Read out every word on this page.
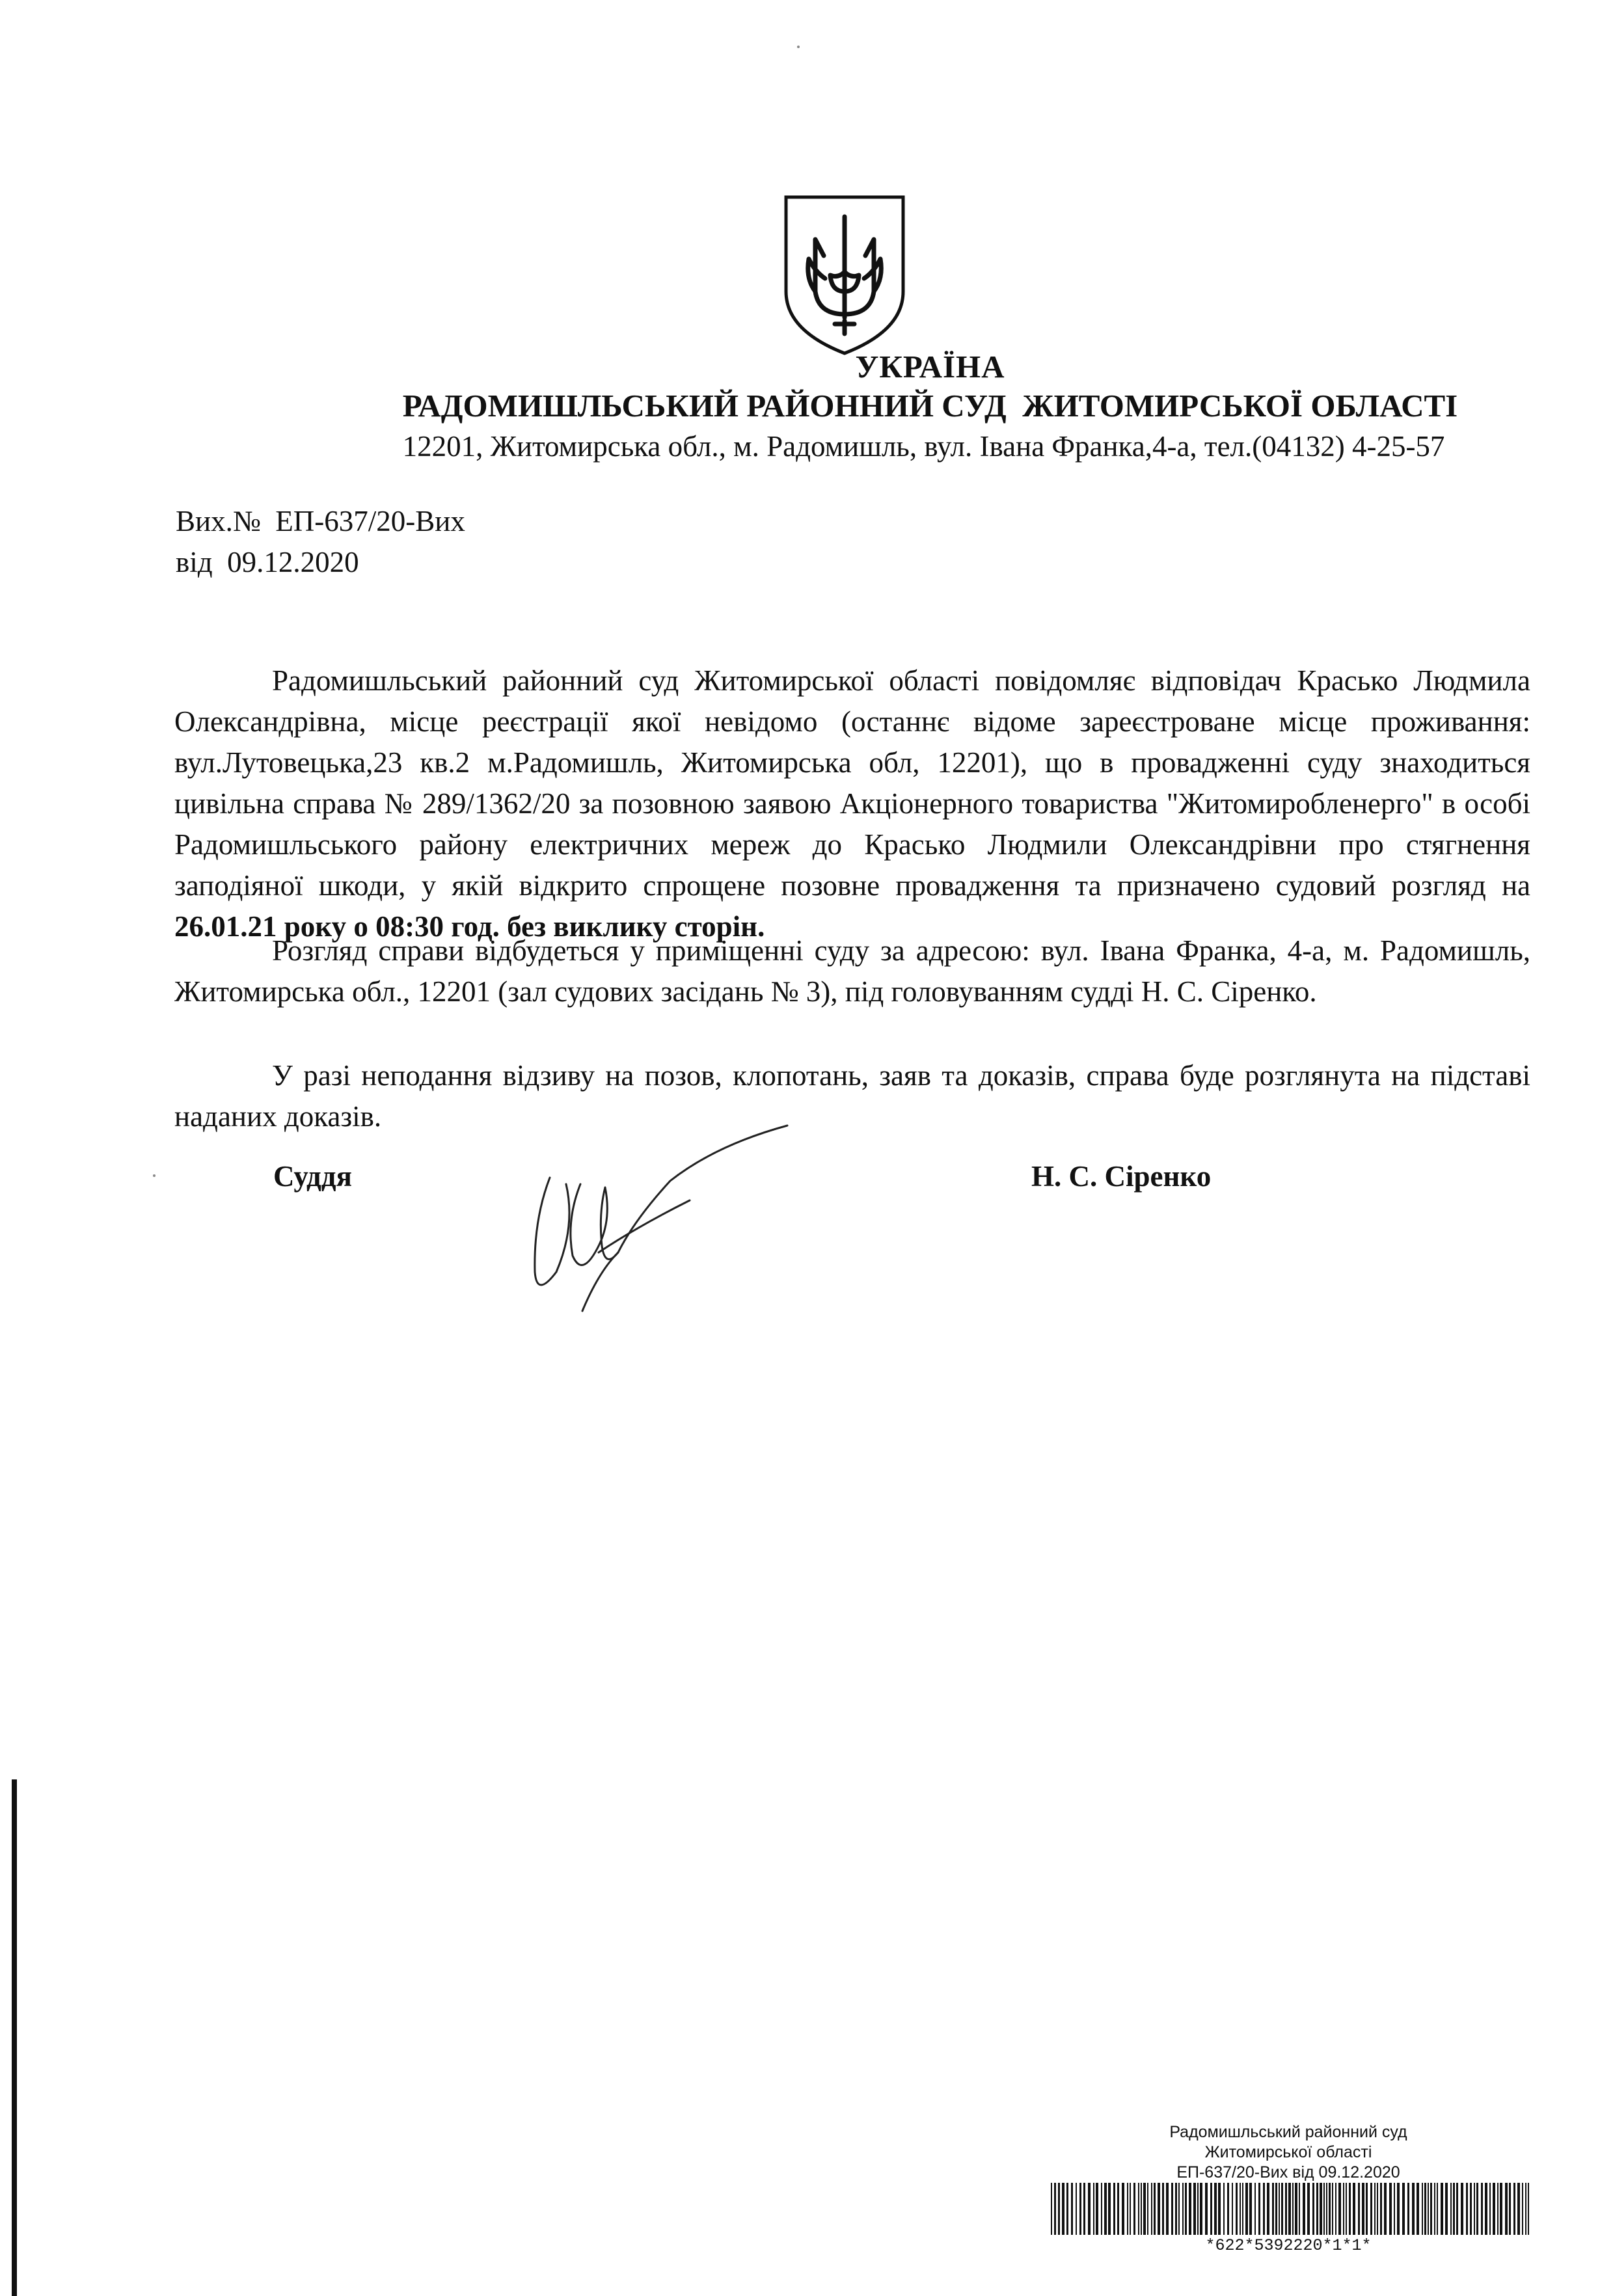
УКРАЇНА
РАДОМИШЛЬСЬКИЙ РАЙОННИЙ СУД  ЖИТОМИРСЬКОЇ ОБЛАСТІ
12201, Житомирська обл., м. Радомишль, вул. Івана Франка,4-а, тел.(04132) 4-25-57
Вих.№  ЕП-637/20-Вих
від  09.12.2020
Радомишльський районний суд Житомирської області повідомляє відповідач Красько Людмила Олександрівна, місце реєстрації якої невідомо (останнє відоме зареєстроване місце проживання: вул.Лутовецька,23 кв.2 м.Радомишль, Житомирська обл, 12201), що в провадженні суду знаходиться цивільна справа № 289/1362/20 за позовною заявою Акціонерного товариства "Житомиробленерго" в особі Радомишльського району електричних мереж до Красько Людмили Олександрівни про стягнення заподіяної шкоди, у якій відкрито спрощене позовне провадження та призначено судовий розгляд на 26.01.21 року о 08:30 год. без виклику сторін.
Розгляд справи відбудеться у приміщенні суду за адресою: вул. Івана Франка, 4-а, м. Радомишль, Житомирська обл., 12201 (зал судових засідань № 3), під головуванням судді Н. С. Сіренко.
У разі неподання відзиву на позов, клопотань, заяв та доказів, справа буде розглянута на підставі наданих доказів.
Суддя	Н. С. Сіренко
Радомишльський районний суд
Житомирської області
ЕП-637/20-Вих від 09.12.2020
*622*5392220*1*1*
